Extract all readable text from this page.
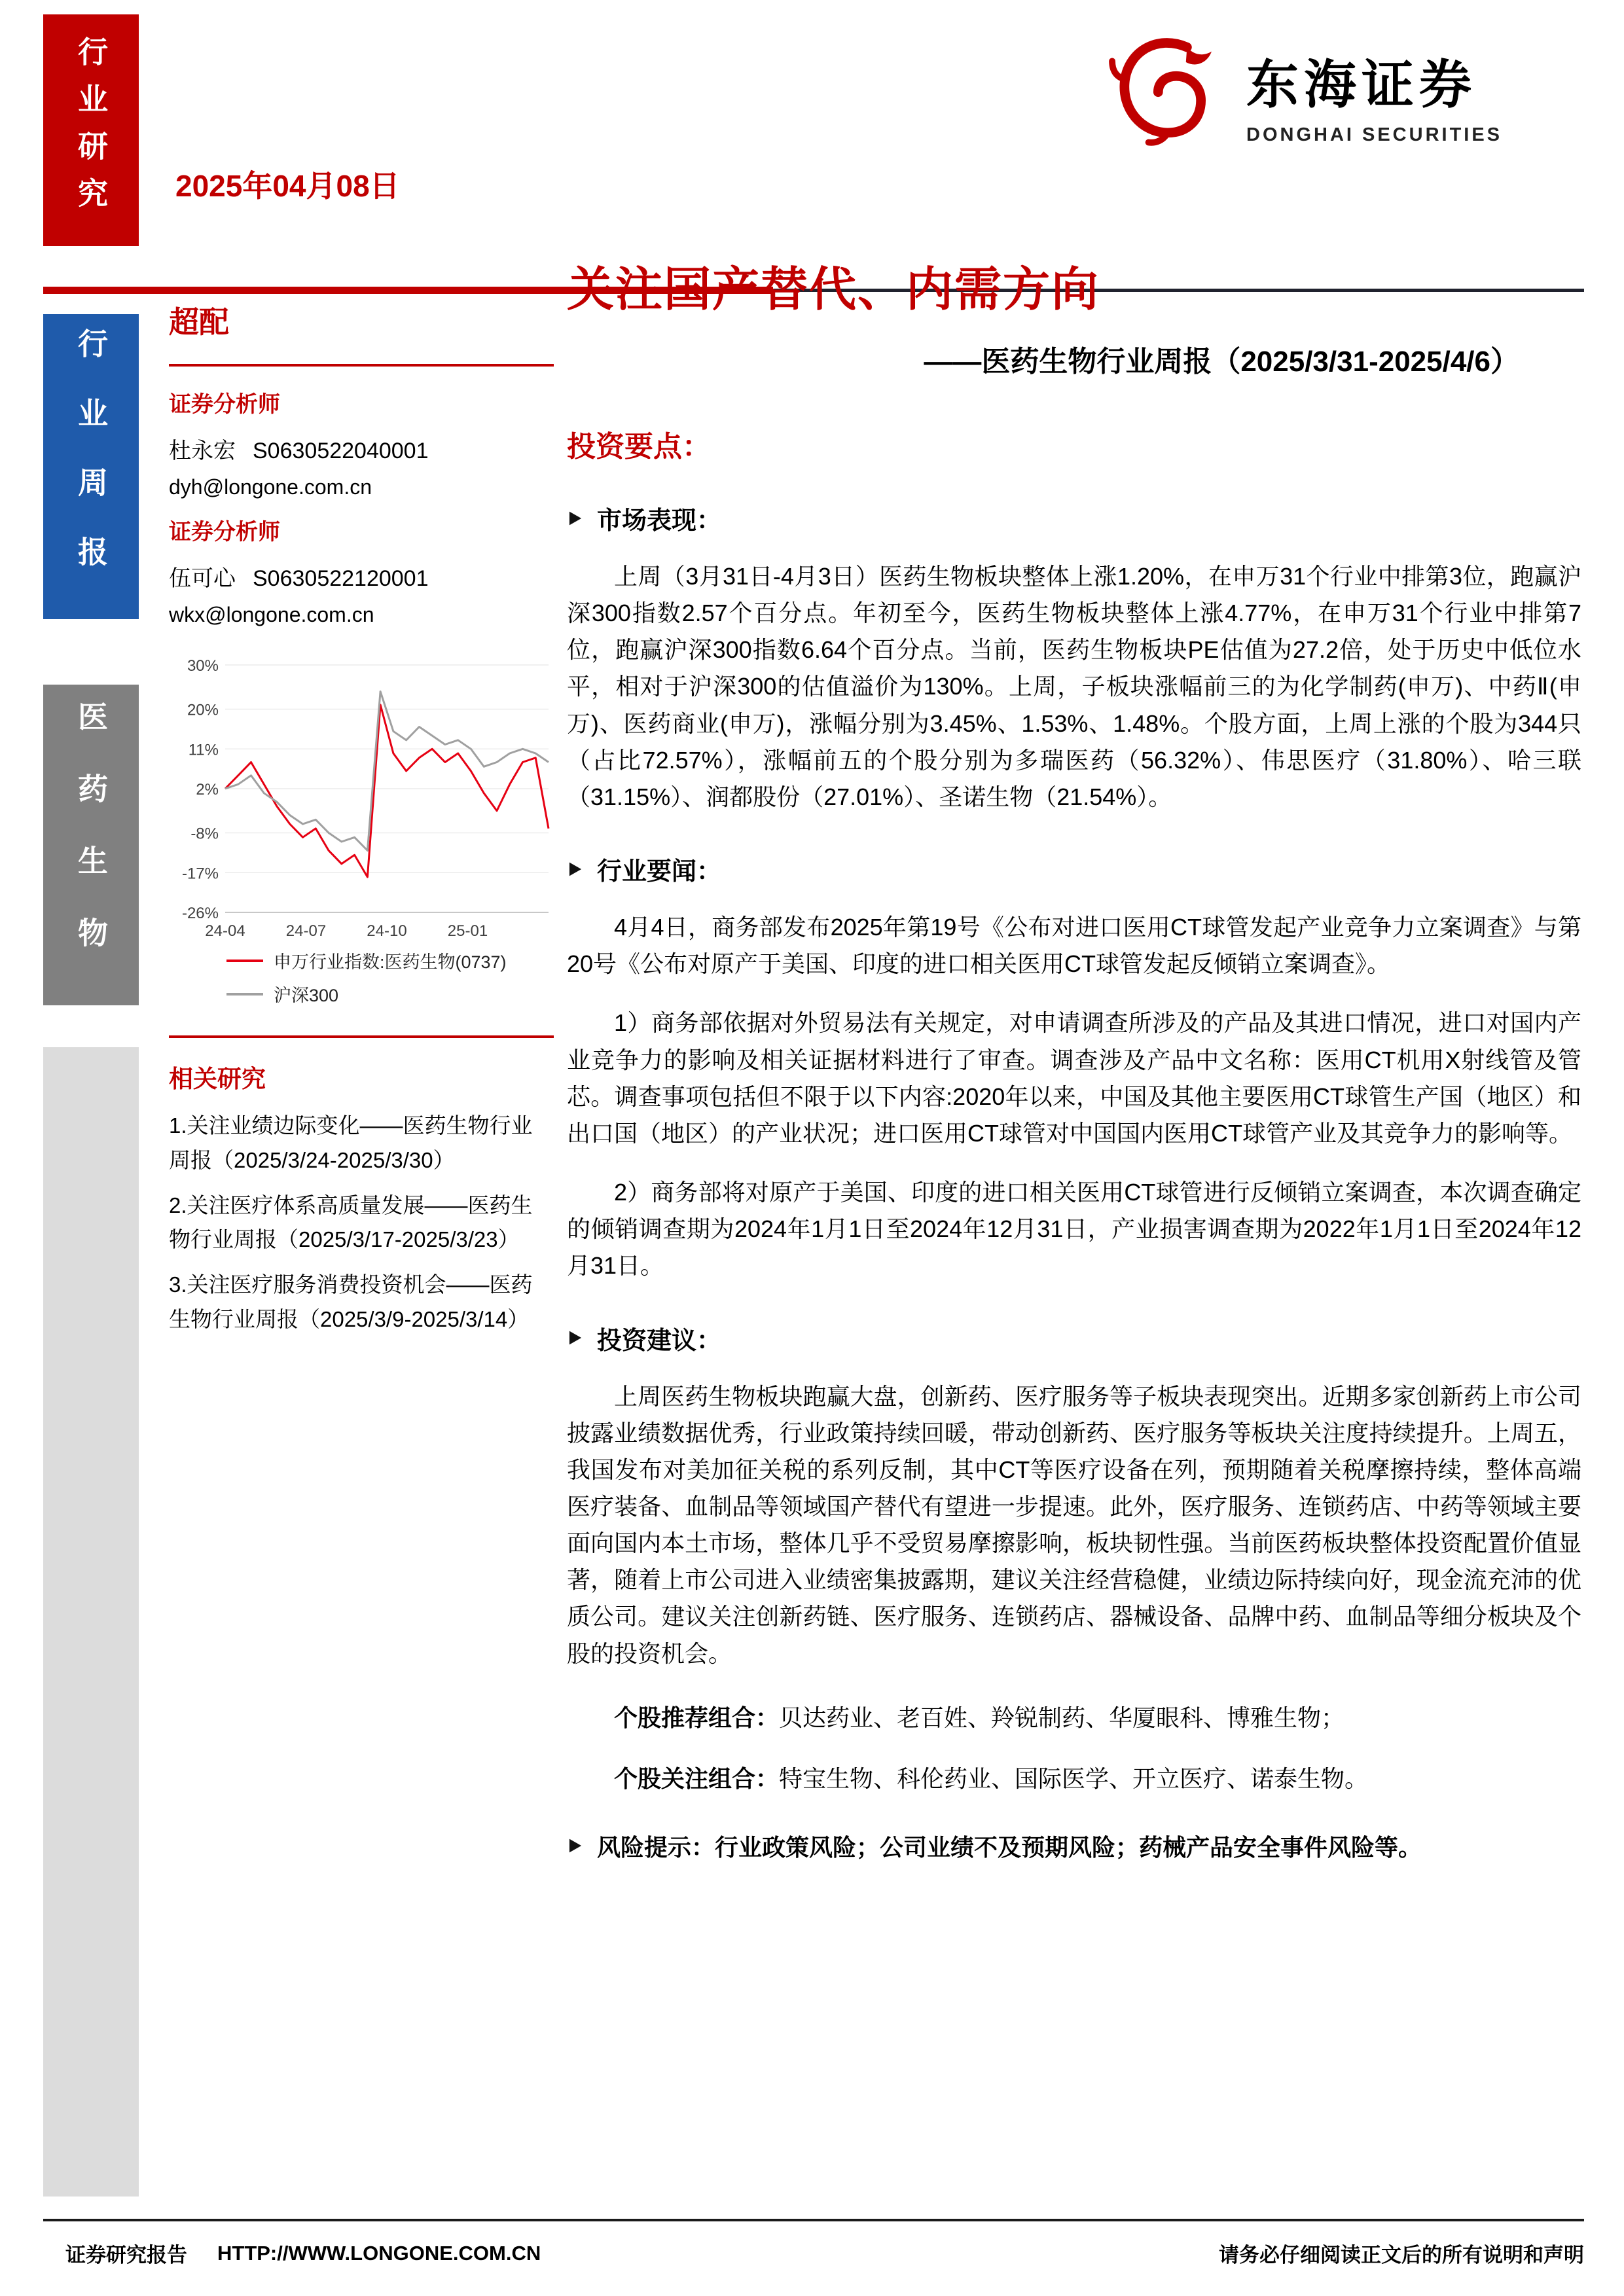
行业研究
行业周报
医药生物
2025年04月08日
东海证券
DONGHAI SECURITIES
超配
证券分析师
杜永宏 S0630522040001
dyh@longone.com.cn
证券分析师
伍可心 S0630522120001
wkx@longone.com.cn
30%
20%
11%
2%
-8%
-17%
-26%
24-04	24-07	24-10	25-01
申万行业指数:医药生物(0737)
沪深300
相关研究

1.关注业绩边际变化——医药生物行业周报（2025/3/24-2025/3/30）

2.关注医疗体系高质量发展——医药生物行业周报（2025/3/17-2025/3/23）

3.关注医疗服务消费投资机会——医药生物行业周报（2025/3/9-2025/3/14）

关注国产替代、内需方向
——医药生物行业周报（2025/3/31-2025/4/6）
投资要点：
市场表现：

上周（3月31日-4月3日）医药生物板块整体上涨1.20%，在申万31个行业中排第3位，跑赢沪深300指数2.57个百分点。年初至今，医药生物板块整体上涨4.77%，在申万31个行业中排第7位，跑赢沪深300指数6.64个百分点。当前，医药生物板块PE估值为27.2倍，处于历史中低位水平，相对于沪深300的估值溢价为130%。上周，子板块涨幅前三的为化学制药(申万)、中药Ⅱ(申万)、医药商业(申万)，涨幅分别为3.45%、1.53%、1.48%。个股方面，上周上涨的个股为344只（占比72.57%），涨幅前五的个股分别为多瑞医药（56.32%）、伟思医疗（31.80%）、哈三联（31.15%）、润都股份（27.01%）、圣诺生物（21.54%）。

行业要闻：

4月4日，商务部发布2025年第19号《公布对进口医用CT球管发起产业竞争力立案调查》与第20号《公布对原产于美国、印度的进口相关医用CT球管发起反倾销立案调查》。

1）商务部依据对外贸易法有关规定，对申请调查所涉及的产品及其进口情况，进口对国内产业竞争力的影响及相关证据材料进行了审查。调查涉及产品中文名称：医用CT机用X射线管及管芯。调查事项包括但不限于以下内容:2020年以来，中国及其他主要医用CT球管生产国（地区）和出口国（地区）的产业状况；进口医用CT球管对中国国内医用CT球管产业及其竞争力的影响等。

2）商务部将对原产于美国、印度的进口相关医用CT球管进行反倾销立案调查，本次调查确定的倾销调查期为2024年1月1日至2024年12月31日，产业损害调查期为2022年1月1日至2024年12月31日。

投资建议：

上周医药生物板块跑赢大盘，创新药、医疗服务等子板块表现突出。近期多家创新药上市公司披露业绩数据优秀，行业政策持续回暖，带动创新药、医疗服务等板块关注度持续提升。上周五，我国发布对美加征关税的系列反制，其中CT等医疗设备在列，预期随着关税摩擦持续，整体高端医疗装备、血制品等领域国产替代有望进一步提速。此外，医疗服务、连锁药店、中药等领域主要面向国内本土市场，整体几乎不受贸易摩擦影响，板块韧性强。当前医药板块整体投资配置价值显著，随着上市公司进入业绩密集披露期，建议关注经营稳健，业绩边际持续向好，现金流充沛的优质公司。建议关注创新药链、医疗服务、连锁药店、器械设备、品牌中药、血制品等细分板块及个股的投资机会。

个股推荐组合：贝达药业、老百姓、羚锐制药、华厦眼科、博雅生物；

个股关注组合：特宝生物、科伦药业、国际医学、开立医疗、诺泰生物。

风险提示：行业政策风险；公司业绩不及预期风险；药械产品安全事件风险等。
证券研究报告 HTTP://WWW.LONGONE.COM.CN	请务必仔细阅读正文后的所有说明和声明
